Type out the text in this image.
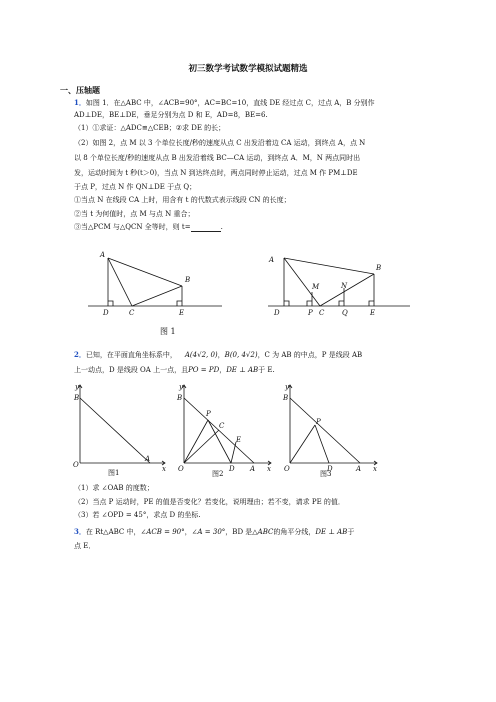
初三数学考试数学模拟试题精选
一、压轴题
1．如图 1．在△ABC 中，∠ACB=90°，AC=BC=10，直线 DE 经过点 C，过点 A，B 分别作
AD⊥DE，BE⊥DE，垂足分别为点 D 和 E，AD=8，BE=6.
（1）①求证：△ADC≌△CEB；②求 DE 的长；
（2）如图 2，点 M 以 3 个单位长度/秒的速度从点 C 出发沿着边 CA 运动，到终点 A，点 N
以 8 个单位长度/秒的速度从点 B 出发沿着线 BC—CA 运动，到终点 A．M，N 两点同时出
发，运动时间为 t 秒(t＞0)，当点 N 到达终点时，两点同时停止运动，过点 M 作 PM⊥DE
于点 P，过点 N 作 QN⊥DE 于点 Q；
①当点 N 在线段 CA 上时，用含有 t 的代数式表示线段 CN 的长度；
②当 t 为何值时，点 M 与点 N 重合；
③当△PCM 与△QCN 全等时，则 t=	.
A
B
C
D	E
图 1
A
B
M	N
D	P C	Q	E
2．已知，在平面直角坐标系中， A(4√2, 0)，B(0, 4√2)，C 为 AB 的中点，P 是线段 AB
上一动点，D 是线段 OA 上一点，且PO = PD，DE ⊥ AB于 E.
y
B
O
A
x
图1
y
B
P
C
E
O	D A x
图2
y
B
P
O	D	A x
图3
（1）求 ∠OAB 的度数；
（2）当点 P 运动时，PE 的值是否变化？若变化，说明理由；若不变，请求 PE 的值．
（3）若 ∠OPD = 45°，求点 D 的坐标.
3．在 Rt△ABC 中，∠ACB = 90°，∠A = 30°，BD 是△ABC的角平分线，DE ⊥ AB于
点 E．
